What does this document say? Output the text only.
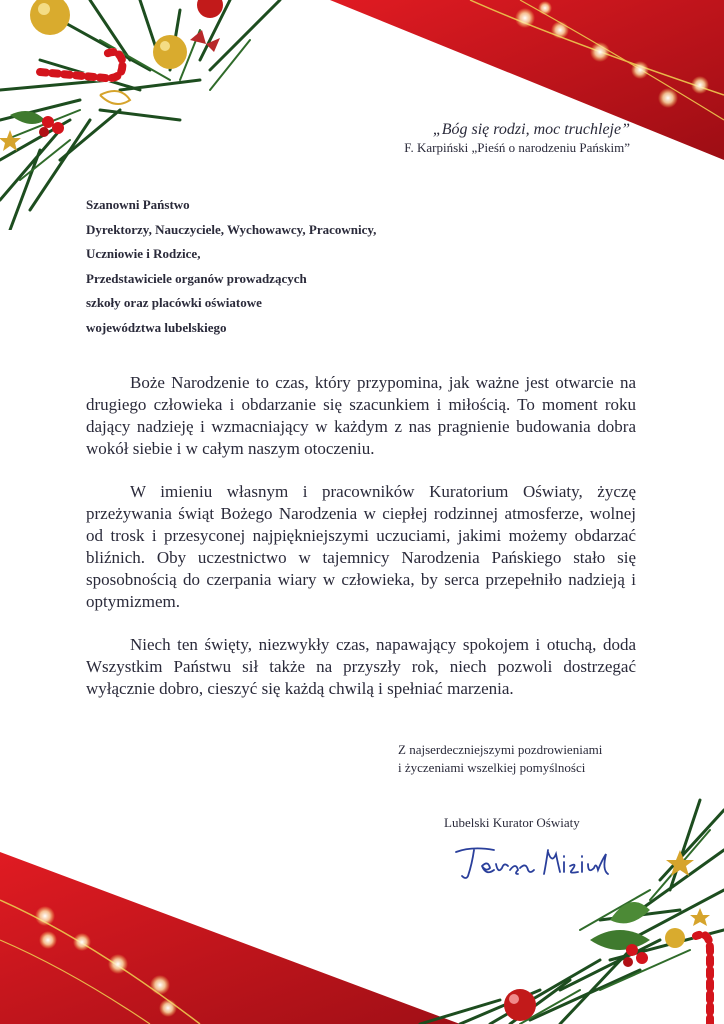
„Bóg się rodzi, moc truchleje”
F. Karpiński „Pieśń o narodzeniu Pańskim”
Szanowni Państwo
Dyrektorzy, Nauczyciele, Wychowawcy, Pracownicy,
Uczniowie i Rodzice,
Przedstawiciele organów prowadzących
szkoły oraz placówki oświatowe
województwa lubelskiego

Boże Narodzenie to czas, który przypomina, jak ważne jest otwarcie na drugiego człowieka i obdarzanie się szacunkiem i miłością. To moment roku dający nadzieję i wzmacniający w każdym z nas pragnienie budowania dobra wokół siebie i w całym naszym otoczeniu.

W imieniu własnym i pracowników Kuratorium Oświaty, życzę przeżywania świąt Bożego Narodzenia w ciepłej rodzinnej atmosferze, wolnej od trosk i przesyconej najpiękniejszymi uczuciami, jakimi możemy obdarzać bliźnich. Oby uczestnictwo w tajemnicy Narodzenia Pańskiego stało się sposobnością do czerpania wiary w człowieka, by serca przepełniło nadzieją i optymizmem.

Niech ten święty, niezwykły czas, napawający spokojem i otuchą, doda Wszystkim Państwu sił także na przyszły rok, niech pozwoli dostrzegać wyłącznie dobro, cieszyć się każdą chwilą i spełniać marzenia.

Z najserdeczniejszymi pozdrowieniami
i życzeniami wszelkiej pomyślności
Lubelski Kurator Oświaty
